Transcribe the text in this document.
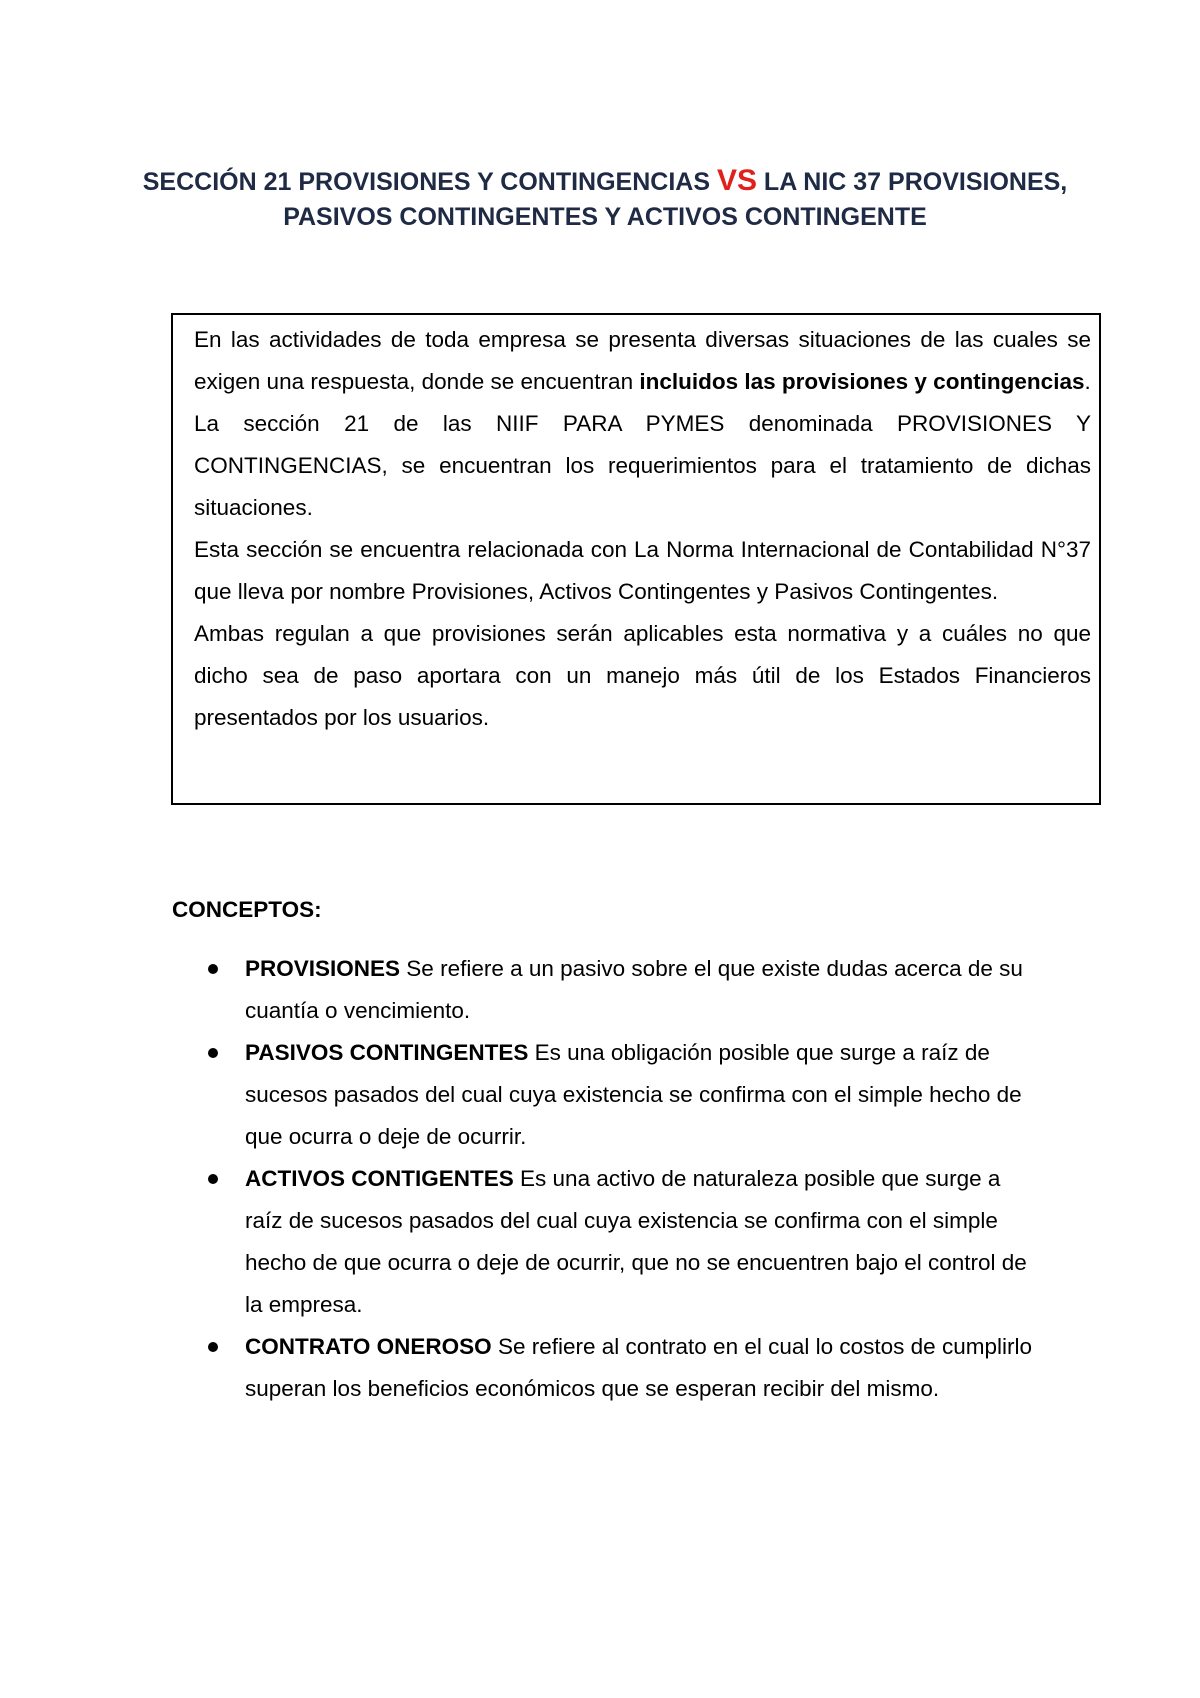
SECCIÓN 21 PROVISIONES Y CONTINGENCIAS VS LA NIC 37 PROVISIONES, PASIVOS CONTINGENTES Y ACTIVOS CONTINGENTE

En las actividades de toda empresa se presenta diversas situaciones de las cuales se exigen una respuesta, donde se encuentran incluidos las provisiones y contingencias.

La sección 21 de las NIIF PARA PYMES denominada PROVISIONES Y CONTINGENCIAS, se encuentran los requerimientos para el tratamiento de dichas situaciones.

Esta sección se encuentra relacionada con La Norma Internacional de Contabilidad N°37 que lleva por nombre Provisiones, Activos Contingentes y Pasivos Contingentes.

Ambas regulan a que provisiones serán aplicables esta normativa y a cuáles no que dicho sea de paso aportara con un manejo más útil de los Estados Financieros presentados por los usuarios.

CONCEPTOS:
PROVISIONES Se refiere a un pasivo sobre el que existe dudas acerca de su cuantía o vencimiento.
PASIVOS CONTINGENTES Es una obligación posible que surge a raíz de sucesos pasados del cual cuya existencia se confirma con el simple hecho de que ocurra o deje de ocurrir.
ACTIVOS CONTIGENTES Es una activo de naturaleza posible que surge a raíz de sucesos pasados del cual cuya existencia se confirma con el simple hecho de que ocurra o deje de ocurrir, que no se encuentren bajo el control de la empresa.
CONTRATO ONEROSO Se refiere al contrato en el cual lo costos de cumplirlo superan los beneficios económicos que se esperan recibir del mismo.
